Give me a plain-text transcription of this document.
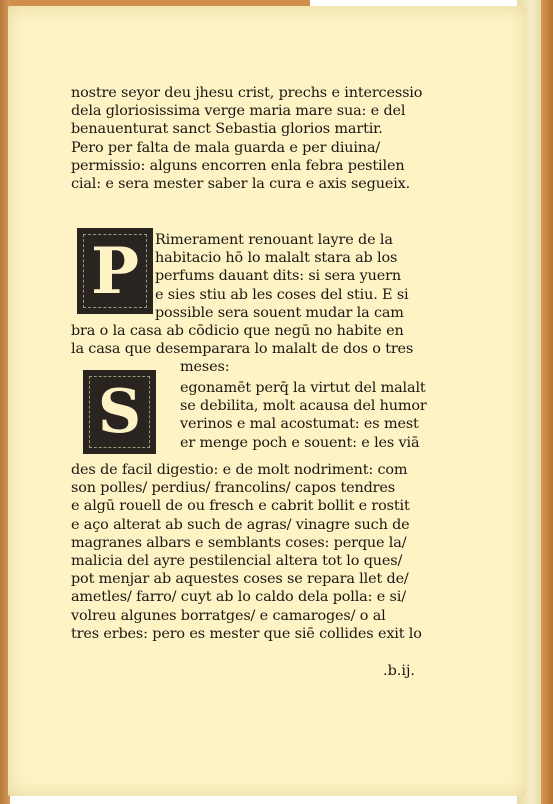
nostre seyor deu jhesu crist, prechs e intercessio
dela gloriosissima verge maria mare sua: e del
benauenturat sanct Sebastia glorios martir.
Pero per falta de mala guarda e per diuina/
permissio: alguns encorren enla febra pestilen
cial: e sera mester saber la cura e axis segueix.
P	Rimerament renouant layre de la
habitacio hō lo malalt stara ab los
perfums dauant dits: si sera yuern
e sies stiu ab les coses del stiu. E si
possible sera souent mudar la cam
bra o la casa ab cōdicio que negū no habite en
la casa que desemparara lo malalt de dos o tres
meses:
S	egonamēt perq̄ la virtut del malalt
se debilita, molt acausa del humor
verinos e mal acostumat: es mest
er menge poch e souent: e les viā
des de facil digestio: e de molt nodriment: com
son polles/ perdius/ francolins/ capos tendres
e algū rouell de ou fresch e cabrit bollit e rostit
e aço alterat ab such de agras/ vinagre such de
magranes albars e semblants coses: perque la/
malicia del ayre pestilencial altera tot lo ques/
pot menjar ab aquestes coses se repara llet de/
ametles/ farro/ cuyt ab lo caldo dela polla: e si/
volreu algunes borratges/ e camaroges/ o al
tres erbes: pero es mester que siē collides exit lo
.b.ij.
